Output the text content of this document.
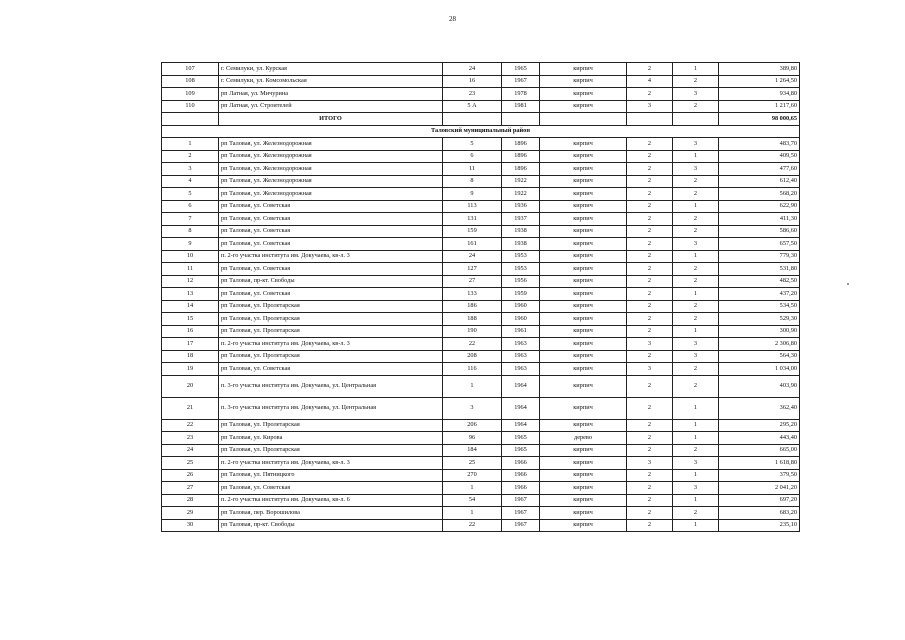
28
107	г. Семилуки, ул. Курская	24	1965	кирпич	2	1	389,80
108	г. Семилуки, ул. Комсомольская	16	1967	кирпич	4	2	1 264,50
109	рп Латная, ул. Мичурина	23	1978	кирпич	2	3	934,80
110	рп Латная, ул. Строителей	5 А	1981	кирпич	3	2	1 217,60
	ИТОГО						98 000,65
Таловский муниципальный район							
1	рп Таловая, ул. Железнодорожная	5	1896	кирпич	2	3	483,70
2	рп Таловая, ул. Железнодорожная	6	1896	кирпич	2	1	409,50
3	рп Таловая, ул. Железнодорожная	11	1896	кирпич	2	3	477,60
4	рп Таловая, ул. Железнодорожная	8	1922	кирпич	2	2	612,40
5	рп Таловая, ул. Железнодорожная	9	1922	кирпич	2	2	568,20
6	рп Таловая, ул. Советская	113	1936	кирпич	2	1	622,90
7	рп Таловая, ул. Советская	131	1937	кирпич	2	2	411,30
8	рп Таловая, ул. Советская	159	1938	кирпич	2	2	586,60
9	рп Таловая, ул. Советская	161	1938	кирпич	2	3	657,50
10	п. 2-го участка института им. Докучаева, кв-л. 3	24	1953	кирпич	2	1	779,30
11	рп Таловая, ул. Советская	127	1953	кирпич	2	2	531,80
12	рп Таловая, пр-кт. Свободы	27	1956	кирпич	2	2	482,50
13	рп Таловая, ул. Советская	133	1959	кирпич	2	1	437,20
14	рп Таловая, ул. Пролетарская	186	1960	кирпич	2	2	534,50
15	рп Таловая, ул. Пролетарская	188	1960	кирпич	2	2	529,30
16	рп Таловая, ул. Пролетарская	190	1961	кирпич	2	1	300,90
17	п. 2-го участка института им. Докучаева, кв-л. 3	22	1963	кирпич	3	3	2 306,80
18	рп Таловая, ул. Пролетарская	208	1963	кирпич	2	3	564,30
19	рп Таловая, ул. Советская	116	1963	кирпич	3	2	1 034,00
20	п. 3-го участка института им. Докучаева, ул. Центральная	1	1964	кирпич	2	2	403,90
21	п. 3-го участка института им. Докучаева, ул. Центральная	3	1964	кирпич	2	1	362,40
22	рп Таловая, ул. Пролетарская	206	1964	кирпич	2	1	295,20
23	рп Таловая, ул. Кирова	96	1965	дерево	2	1	443,40
24	рп Таловая, ул. Пролетарская	184	1965	кирпич	2	2	665,00
25	п. 2-го участка института им. Докучаева, кв-л. 3	25	1966	кирпич	3	3	1 618,80
26	рп Таловая, ул. Пятницкого	270	1966	кирпич	2	1	379,50
27	рп Таловая, ул. Советская	1	1966	кирпич	2	3	2 041,20
28	п. 2-го участка института им. Докучаева, кв-л. 6	54	1967	кирпич	2	1	697,20
29	рп Таловая, пер. Ворошилова	1	1967	кирпич	2	2	683,20
30	рп Таловая, пр-кт. Свободы	22	1967	кирпич	2	1	235,10
